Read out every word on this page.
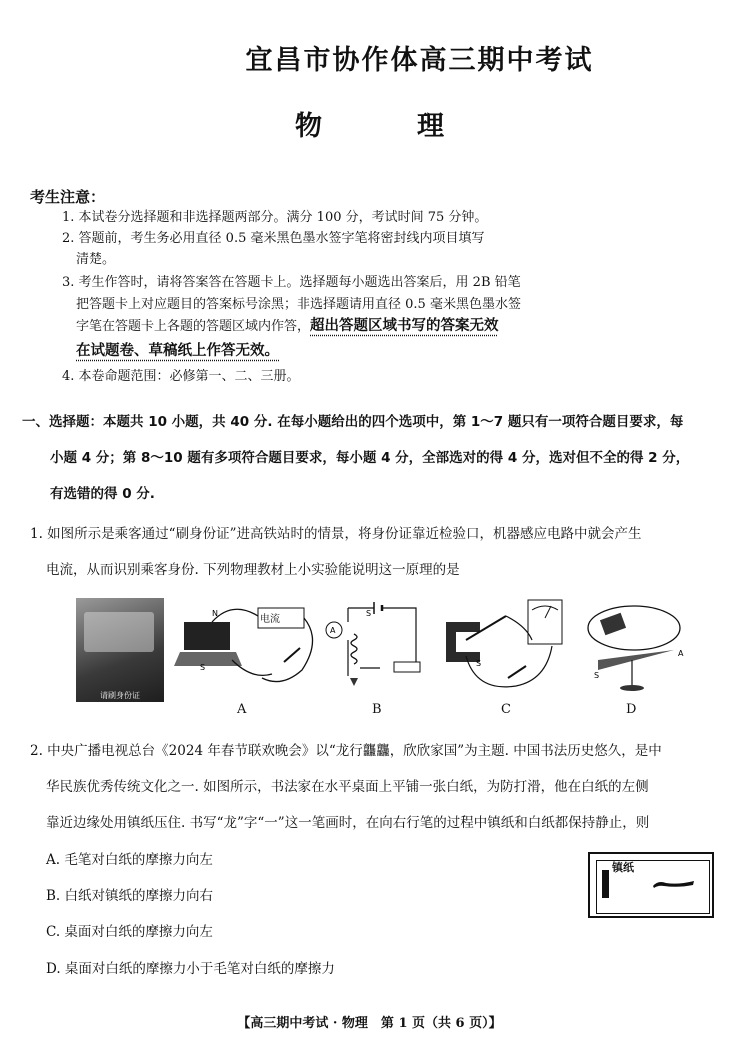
宜昌市协作体高三期中考试
物　理
考生注意：
1. 本试卷分选择题和非选择题两部分。满分 100 分，考试时间 75 分钟。
2. 答题前，考生务必用直径 0.5 毫米黑色墨水签字笔将密封线内项目填写
清楚。
3. 考生作答时，请将答案答在答题卡上。选择题每小题选出答案后，用 2B 铅笔
把答题卡上对应题目的答案标号涂黑；非选择题请用直径 0.5 毫米黑色墨水签
字笔在答题卡上各题的答题区域内作答，超出答题区域书写的答案无效
在试题卷、草稿纸上作答无效。
4. 本卷命题范围：必修第一、二、三册。
一、选择题：本题共 10 小题，共 40 分. 在每小题给出的四个选项中，第 1～7 题只有一项符合题目要求，每
小题 4 分；第 8～10 题有多项符合题目要求，每小题 4 分，全部选对的得 4 分，选对但不全的得 2 分，
有选错的得 0 分.
1. 如图所示是乘客通过“刷身份证”进高铁站时的情景，将身份证靠近检验口，机器感应电路中就会产生
电流，从而识别乘客身份. 下列物理教材上小实验能说明这一原理的是
请刷身份证
S
N
电流
A
A
S
B
S
C
S
A
D
2. 中央广播电视总台《2024 年春节联欢晚会》以“龙行龘龘，欣欣家国”为主题. 中国书法历史悠久，是中
华民族优秀传统文化之一. 如图所示，书法家在水平桌面上平铺一张白纸，为防打滑，他在白纸的左侧
靠近边缘处用镇纸压住. 书写“龙”字“一”这一笔画时，在向右行笔的过程中镇纸和白纸都保持静止，则
A. 毛笔对白纸的摩擦力向左
B. 白纸对镇纸的摩擦力向右
C. 桌面对白纸的摩擦力向左
D. 桌面对白纸的摩擦力小于毛笔对白纸的摩擦力
镇纸
【高三期中考试 · 物理　第 1 页（共 6 页）】
